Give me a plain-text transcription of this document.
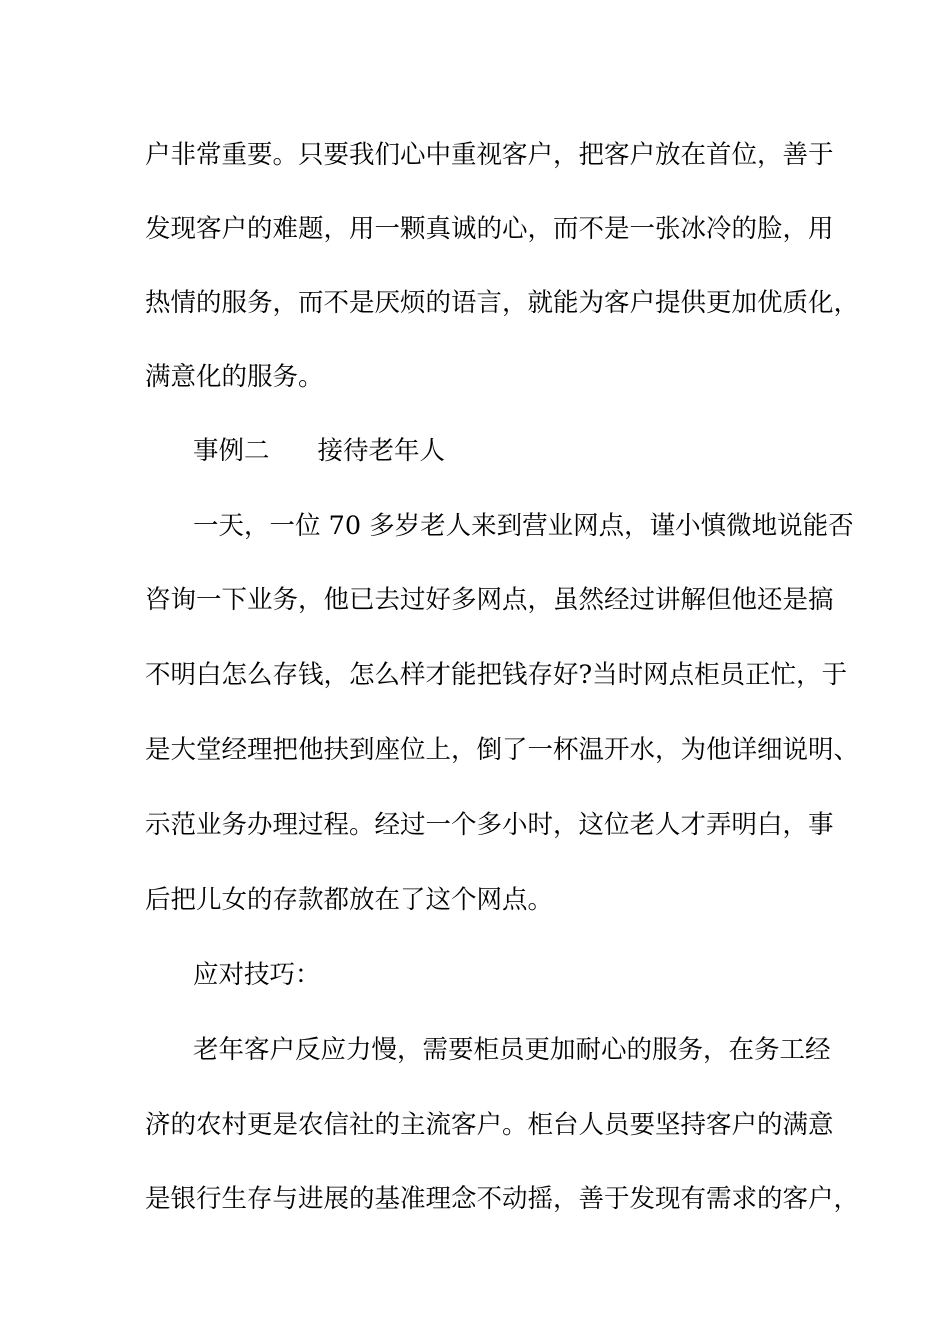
户非常重要。只要我们心中重视客户，把客户放在首位，善于
发现客户的难题，用一颗真诚的心，而不是一张冰冷的脸，用
热情的服务，而不是厌烦的语言，就能为客户提供更加优质化，
满意化的服务。
事例二 接待老年人
一天，一位 70 多岁老人来到营业网点，谨小慎微地说能否
咨询一下业务，他已去过好多网点，虽然经过讲解但他还是搞
不明白怎么存钱，怎么样才能把钱存好?当时网点柜员正忙，于
是大堂经理把他扶到座位上，倒了一杯温开水，为他详细说明、
示范业务办理过程。经过一个多小时，这位老人才弄明白，事
后把儿女的存款都放在了这个网点。
应对技巧：
老年客户反应力慢，需要柜员更加耐心的服务，在务工经
济的农村更是农信社的主流客户。柜台人员要坚持客户的满意
是银行生存与进展的基准理念不动摇，善于发现有需求的客户，
